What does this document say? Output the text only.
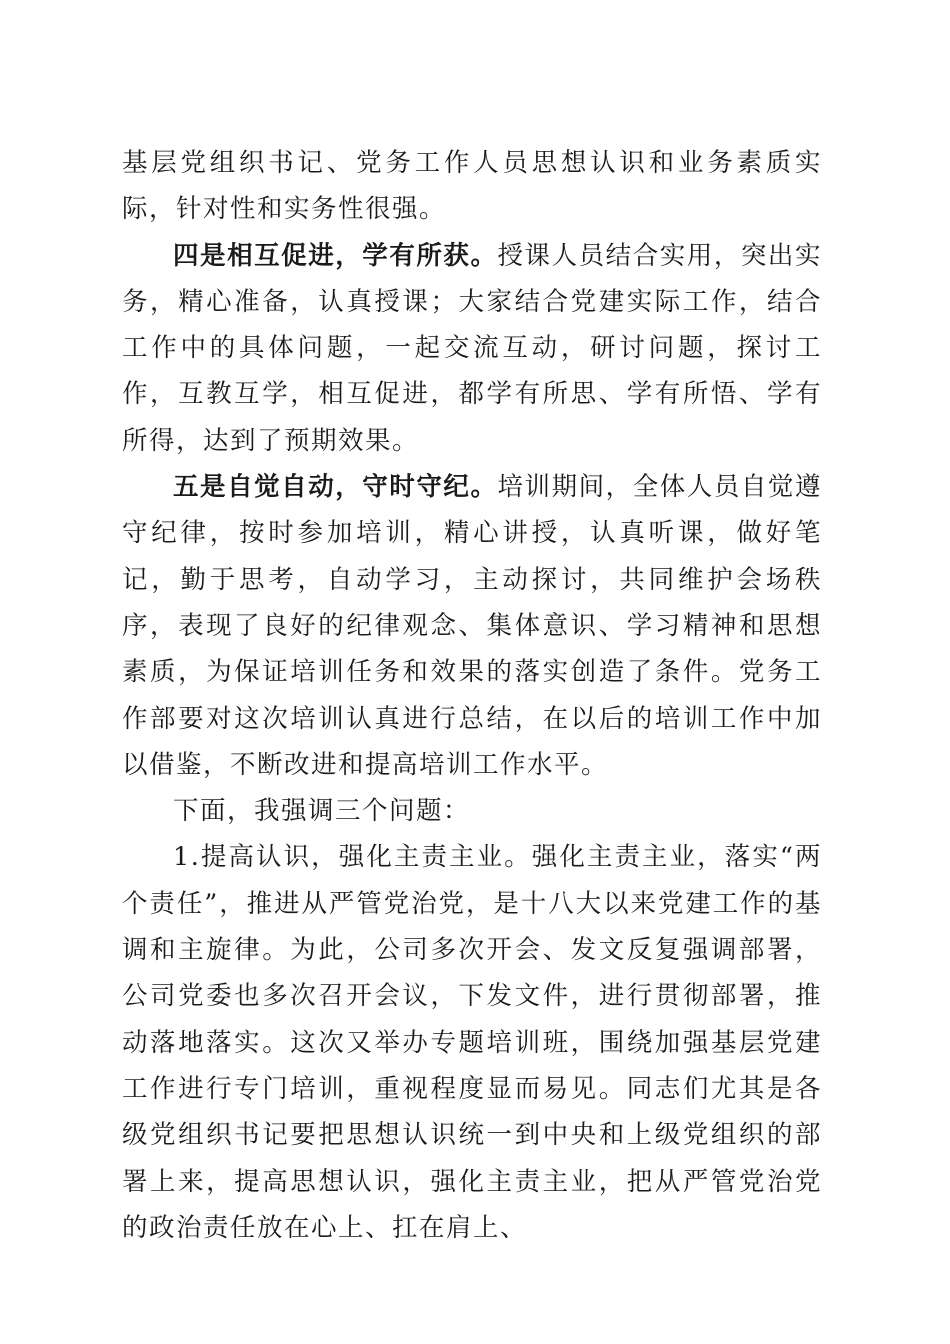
基层党组织书记、党务工作人员思想认识和业务素质实际，针对性和实务性很强。

四是相互促进，学有所获。授课人员结合实用，突出实务，精心准备，认真授课；大家结合党建实际工作，结合工作中的具体问题，一起交流互动，研讨问题，探讨工作，互教互学，相互促进，都学有所思、学有所悟、学有所得，达到了预期效果。

五是自觉自动，守时守纪。培训期间，全体人员自觉遵守纪律，按时参加培训，精心讲授，认真听课，做好笔记，勤于思考，自动学习，主动探讨，共同维护会场秩序，表现了良好的纪律观念、集体意识、学习精神和思想素质，为保证培训任务和效果的落实创造了条件。党务工作部要对这次培训认真进行总结，在以后的培训工作中加以借鉴，不断改进和提高培训工作水平。

下面，我强调三个问题：

1.提高认识，强化主责主业。强化主责主业，落实“两个责任”，推进从严管党治党，是十八大以来党建工作的基调和主旋律。为此，公司多次开会、发文反复强调部署，公司党委也多次召开会议，下发文件，进行贯彻部署，推动落地落实。这次又举办专题培训班，围绕加强基层党建工作进行专门培训，重视程度显而易见。同志们尤其是各级党组织书记要把思想认识统一到中央和上级党组织的部署上来，提高思想认识，强化主责主业，把从严管党治党的政治责任放在心上、扛在肩上、
